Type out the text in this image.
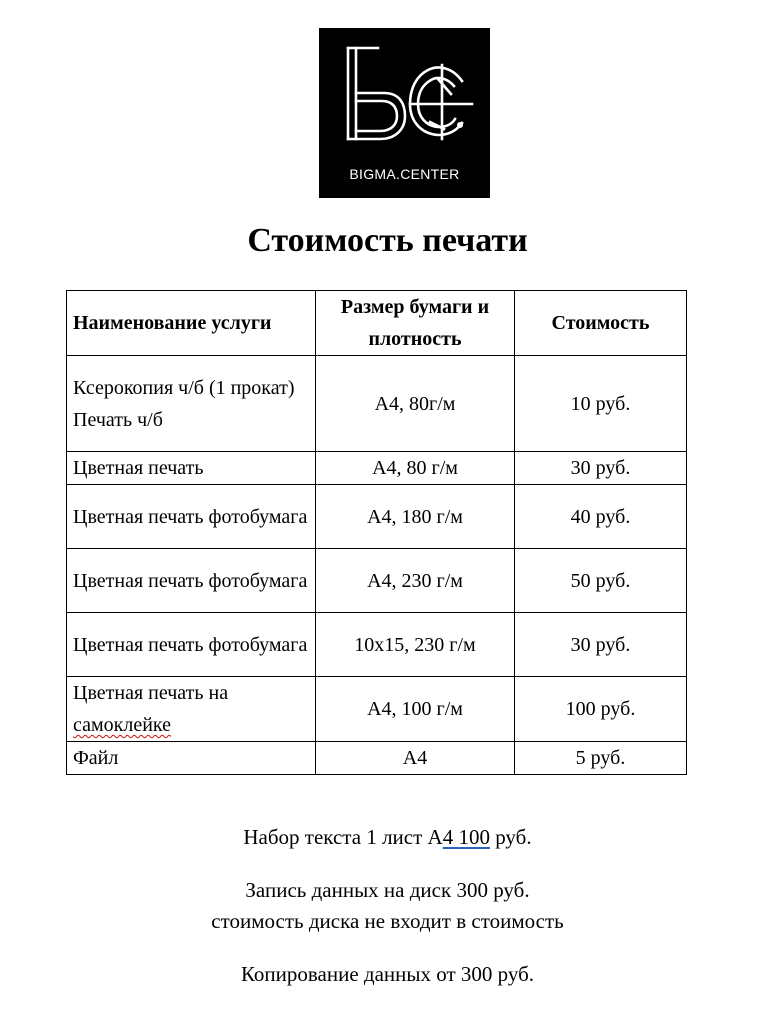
BIGMA.CENTER
Стоимость печати
Наименование услуги	Размер бумаги и плотность	Стоимость

Ксерокопия ч/б (1 прокат)
Печать ч/б	А4, 80г/м	10 руб.
Цветная печать	А4, 80 г/м	30 руб.
Цветная печать фотобумага	А4, 180 г/м	40 руб.
Цветная печать фотобумага	А4, 230 г/м	50 руб.
Цветная печать фотобумага	10x15, 230 г/м	30 руб.
Цветная печать на самоклейке	А4, 100 г/м	100 руб.
Файл	А4	5 руб.

Набор текста 1 лист А4 100 руб.

Запись данных на диск 300 руб.

стоимость диска не входит в стоимость

Копирование данных от 300 руб.
